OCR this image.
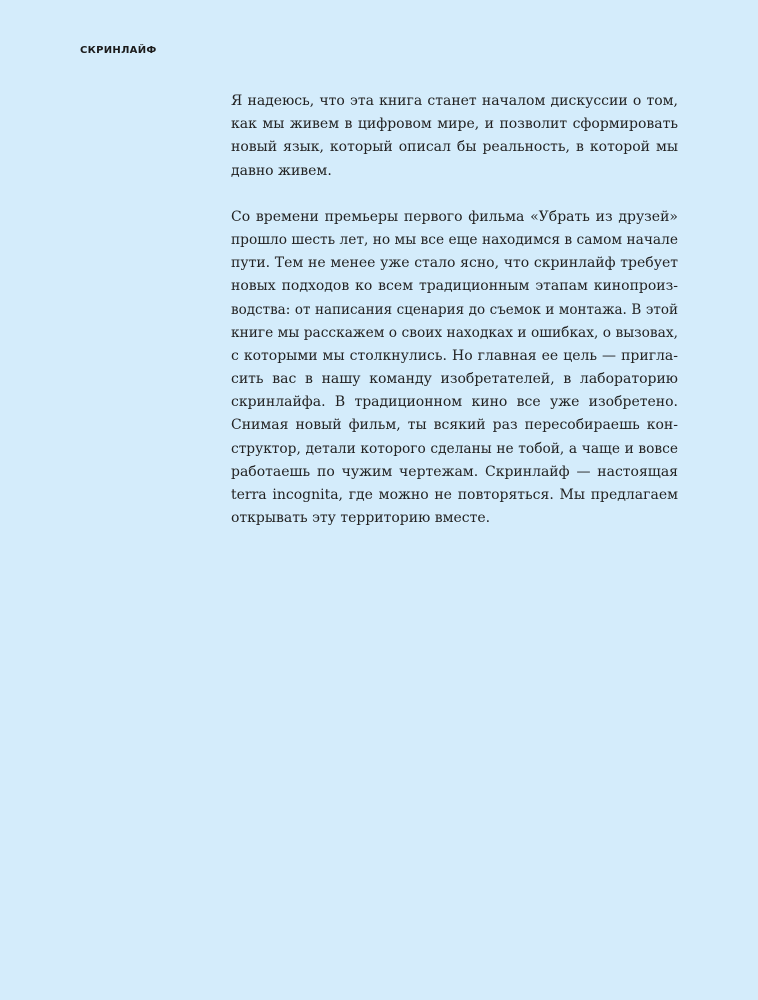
СКРИНЛАЙФ

Я надеюсь, что эта книга станет началом дискуссии о том,
как мы живем в цифровом мире, и позволит сформировать
новый язык, который описал бы реальность, в которой мы
давно живем.

Со времени премьеры первого фильма «Убрать из друзей»
прошло шесть лет, но мы все еще находимся в самом начале
пути. Тем не менее уже стало ясно, что скринлайф требует
новых подходов ко всем традиционным этапам кинопроиз-
водства: от написания сценария до съемок и монтажа. В этой
книге мы расскажем о своих находках и ошибках, о вызовах,
с которыми мы столкнулись. Но главная ее цель — пригла-
сить вас в нашу команду изобретателей, в лабораторию
скринлайфа. В традиционном кино все уже изобретено.
Снимая новый фильм, ты всякий раз пересобираешь кон-
структор, детали которого сделаны не тобой, а чаще и вовсе
работаешь по чужим чертежам. Скринлайф — настоящая
terra incognita, где можно не повторяться. Мы предлагаем
открывать эту территорию вместе.
